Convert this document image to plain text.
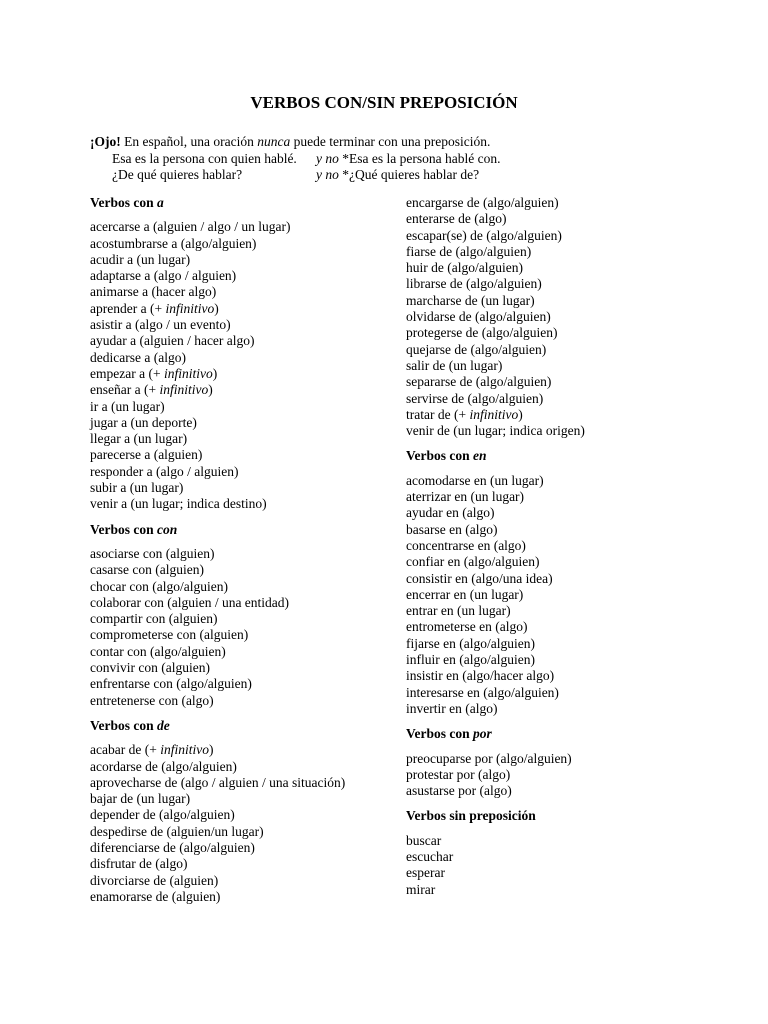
VERBOS CON/SIN PREPOSICIÓN
¡Ojo! En español, una oración nunca puede terminar con una preposición.
Esa es la persona con quien hablé. y no *Esa es la persona hablé con.
¿De qué quieres hablar?	y no *¿Qué quieres hablar de?
Verbos con a
acercarse a (alguien / algo / un lugar)
acostumbrarse a (algo/alguien)
acudir a (un lugar)
adaptarse a (algo / alguien)
animarse a (hacer algo)
aprender a (+ infinitivo)
asistir a (algo / un evento)
ayudar a (alguien / hacer algo)
dedicarse a (algo)
empezar a (+ infinitivo)
enseñar a (+ infinitivo)
ir a (un lugar)
jugar a (un deporte)
llegar a (un lugar)
parecerse a (alguien)
responder a (algo / alguien)
subir a (un lugar)
venir a (un lugar; indica destino)
Verbos con con
asociarse con (alguien)
casarse con (alguien)
chocar con (algo/alguien)
colaborar con (alguien / una entidad)
compartir con (alguien)
comprometerse con (alguien)
contar con (algo/alguien)
convivir con (alguien)
enfrentarse con (algo/alguien)
entretenerse con (algo)
Verbos con de
acabar de (+ infinitivo)
acordarse de (algo/alguien)
aprovecharse de (algo / alguien / una situación)
bajar de (un lugar)
depender de (algo/alguien)
despedirse de (alguien/un lugar)
diferenciarse de (algo/alguien)
disfrutar de (algo)
divorciarse de (alguien)
enamorarse de (alguien)
encargarse de (algo/alguien)
enterarse de (algo)
escapar(se) de (algo/alguien)
fiarse de (algo/alguien)
huir de (algo/alguien)
librarse de (algo/alguien)
marcharse de (un lugar)
olvidarse de (algo/alguien)
protegerse de (algo/alguien)
quejarse de (algo/alguien)
salir de (un lugar)
separarse de (algo/alguien)
servirse de (algo/alguien)
tratar de (+ infinitivo)
venir de (un lugar; indica origen)
Verbos con en
acomodarse en (un lugar)
aterrizar en (un lugar)
ayudar en (algo)
basarse en (algo)
concentrarse en (algo)
confiar en (algo/alguien)
consistir en (algo/una idea)
encerrar en (un lugar)
entrar en (un lugar)
entrometerse en (algo)
fijarse en (algo/alguien)
influir en (algo/alguien)
insistir en (algo/hacer algo)
interesarse en (algo/alguien)
invertir en (algo)
Verbos con por
preocuparse por (algo/alguien)
protestar por (algo)
asustarse por (algo)
Verbos sin preposición
buscar
escuchar
esperar
mirar
